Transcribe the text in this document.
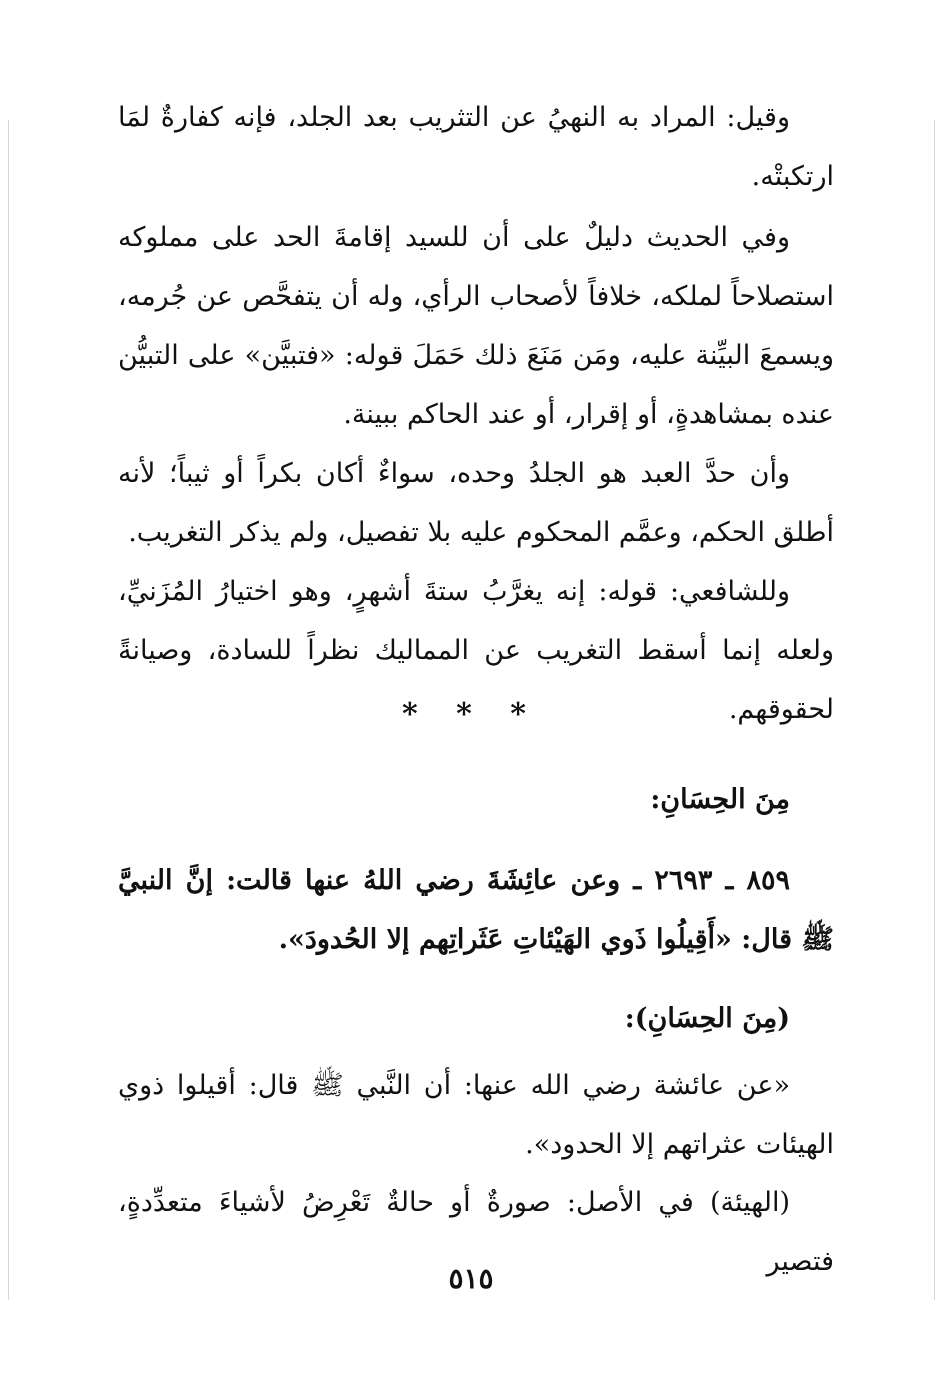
وقيل: المراد به النهيُ عن التثريب بعد الجلد، فإنه كفارةٌ لمَا ارتكبتْه.

وفي الحديث دليلٌ على أن للسيد إقامةَ الحد على مملوكه استصلاحاً لملكه، خلافاً لأصحاب الرأي، وله أن يتفحَّص عن جُرمه، ويسمعَ البيِّنة عليه، ومَن مَنَعَ ذلك حَمَلَ قوله: «فتبيَّن» على التبيُّن عنده بمشاهدةٍ، أو إقرار، أو عند الحاكم ببينة.

وأن حدَّ العبد هو الجلدُ وحده، سواءٌ أكان بكراً أو ثيباً؛ لأنه أطلق الحكم، وعمَّم المحكوم عليه بلا تفصيل، ولم يذكر التغريب.

وللشافعي: قوله: إنه يغرَّبُ ستةَ أشهرٍ، وهو اختيارُ المُزَنيِّ، ولعله إنما أسقط التغريب عن المماليك نظراً للسادة، وصيانةً لحقوقهم.

* * *

مِنَ الحِسَانِ:

٨٥٩ ـ ٢٦٩٣ ـ وعن عائِشَةَ رضي اللهُ عنها قالت: إنَّ النبيَّ ﷺ قال: «أَقِيلُوا ذَوي الهَيْئاتِ عَثَراتِهم إلا الحُدودَ».

(مِنَ الحِسَانِ):

«عن عائشة رضي الله عنها: أن النَّبي ﷺ قال: أقيلوا ذوي الهيئات عثراتهم إلا الحدود».

(الهيئة) في الأصل: صورةٌ أو حالةٌ تَعْرِضُ لأشياءَ متعدِّدةٍ، فتصير

٥١٥
